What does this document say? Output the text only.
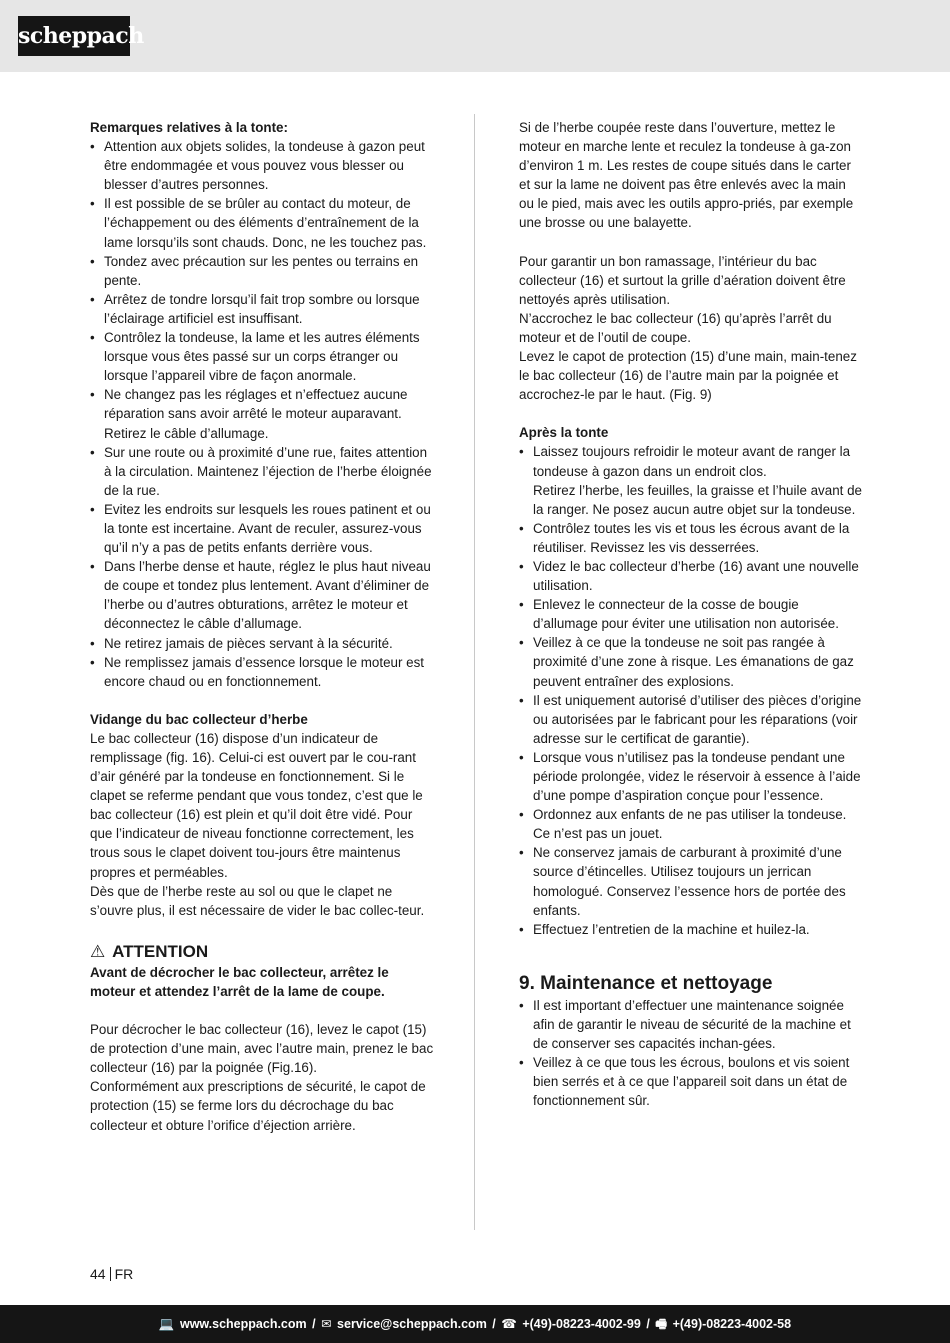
scheppach

Remarques relatives à la tonte:

• Attention aux objets solides, la tondeuse à gazon peut être endommagée et vous pouvez vous blesser ou blesser d’autres personnes.
• Il est possible de se brûler au contact du moteur, de l’échappement ou des éléments d’entraînement de la lame lorsqu’ils sont chauds. Donc, ne les touchez pas.
• Tondez avec précaution sur les pentes ou terrains en pente.
• Arrêtez de tondre lorsqu’il fait trop sombre ou lorsque l’éclairage artificiel est insuffisant.
• Contrôlez la tondeuse, la lame et les autres éléments lorsque vous êtes passé sur un corps étranger ou lorsque l’appareil vibre de façon anormale.
• Ne changez pas les réglages et n’effectuez aucune réparation sans avoir arrêté le moteur auparavant. Retirez le câble d’allumage.
• Sur une route ou à proximité d’une rue, faites attention à la circulation. Maintenez l’éjection de l’herbe éloignée de la rue.
• Evitez les endroits sur lesquels les roues patinent et ou la tonte est incertaine. Avant de reculer, assurez-vous qu’il n’y a pas de petits enfants derrière vous.
• Dans l’herbe dense et haute, réglez le plus haut niveau de coupe et tondez plus lentement. Avant d’éliminer de l’herbe ou d’autres obturations, arrêtez le moteur et déconnectez le câble d’allumage.
• Ne retirez jamais de pièces servant à la sécurité.
• Ne remplissez jamais d’essence lorsque le moteur est encore chaud ou en fonctionnement.

Vidange du bac collecteur d’herbe

Le bac collecteur (16) dispose d’un indicateur de remplissage (fig. 16). Celui-ci est ouvert par le cou-rant d’air généré par la tondeuse en fonctionnement. Si le clapet se referme pendant que vous tondez, c’est que le bac collecteur (16) est plein et qu’il doit être vidé. Pour que l’indicateur de niveau fonctionne correctement, les trous sous le clapet doivent tou-jours être maintenus propres et perméables.

Dès que de l’herbe reste au sol ou que le clapet ne s’ouvre plus, il est nécessaire de vider le bac collec-teur.

⚠ ATTENTION

Avant de décrocher le bac collecteur, arrêtez le moteur et attendez l’arrêt de la lame de coupe.

Pour décrocher le bac collecteur (16), levez le capot (15) de protection d’une main, avec l’autre main, prenez le bac collecteur (16) par la poignée (Fig.16).

Conformément aux prescriptions de sécurité, le capot de protection (15) se ferme lors du décrochage du bac collecteur et obture l’orifice d’éjection arrière.

Si de l’herbe coupée reste dans l’ouverture, mettez le moteur en marche lente et reculez la tondeuse à ga-zon d’environ 1 m. Les restes de coupe situés dans le carter et sur la lame ne doivent pas être enlevés avec la main ou le pied, mais avec les outils appro-priés, par exemple une brosse ou une balayette.

Pour garantir un bon ramassage, l’intérieur du bac collecteur (16) et surtout la grille d’aération doivent être nettoyés après utilisation.

N’accrochez le bac collecteur (16) qu’après l’arrêt du moteur et de l’outil de coupe.

Levez le capot de protection (15) d’une main, main-tenez le bac collecteur (16) de l’autre main par la poignée et accrochez-le par le haut. (Fig. 9)

Après la tonte

• Laissez toujours refroidir le moteur avant de ranger la tondeuse à gazon dans un endroit clos.
Retirez l’herbe, les feuilles, la graisse et l’huile avant de la ranger. Ne posez aucun autre objet sur la tondeuse.
• Contrôlez toutes les vis et tous les écrous avant de la réutiliser. Revissez les vis desserrées.
• Videz le bac collecteur d’herbe (16) avant une nouvelle utilisation.
• Enlevez le connecteur de la cosse de bougie d’allumage pour éviter une utilisation non autorisée.
• Veillez à ce que la tondeuse ne soit pas rangée à proximité d’une zone à risque. Les émanations de gaz peuvent entraîner des explosions.
• Il est uniquement autorisé d’utiliser des pièces d’origine ou autorisées par le fabricant pour les réparations (voir adresse sur le certificat de garantie).
• Lorsque vous n’utilisez pas la tondeuse pendant une période prolongée, videz le réservoir à essence à l’aide d’une pompe d’aspiration conçue pour l’essence.
• Ordonnez aux enfants de ne pas utiliser la tondeuse. Ce n’est pas un jouet.
• Ne conservez jamais de carburant à proximité d’une source d’étincelles. Utilisez toujours un jerrican homologué. Conservez l’essence hors de portée des enfants.
• Effectuez l’entretien de la machine et huilez-la.
9. Maintenance et nettoyage
• Il est important d’effectuer une maintenance soignée afin de garantir le niveau de sécurité de la machine et de conserver ses capacités inchan-gées.
• Veillez à ce que tous les écrous, boulons et vis soient bien serrés et à ce que l’appareil soit dans un état de fonctionnement sûr.
44 FR
💻 www.scheppach.com / ✉ service@scheppach.com / ☎ +(49)-08223-4002-99 / 🖷 +(49)-08223-4002-58
